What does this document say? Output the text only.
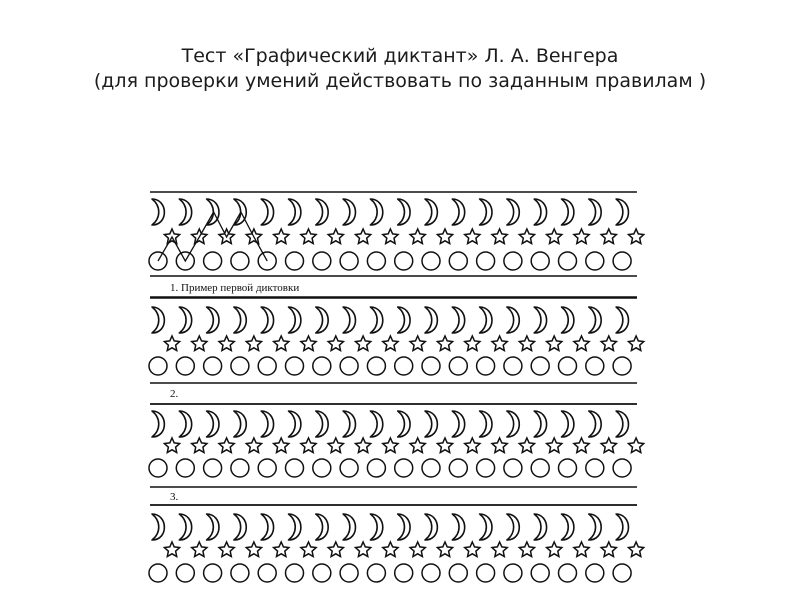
Тест «Графический диктант» Л. А. Венгера
(для проверки умений действовать по заданным правилам )
1. Пример первой диктовки
2.
3.
